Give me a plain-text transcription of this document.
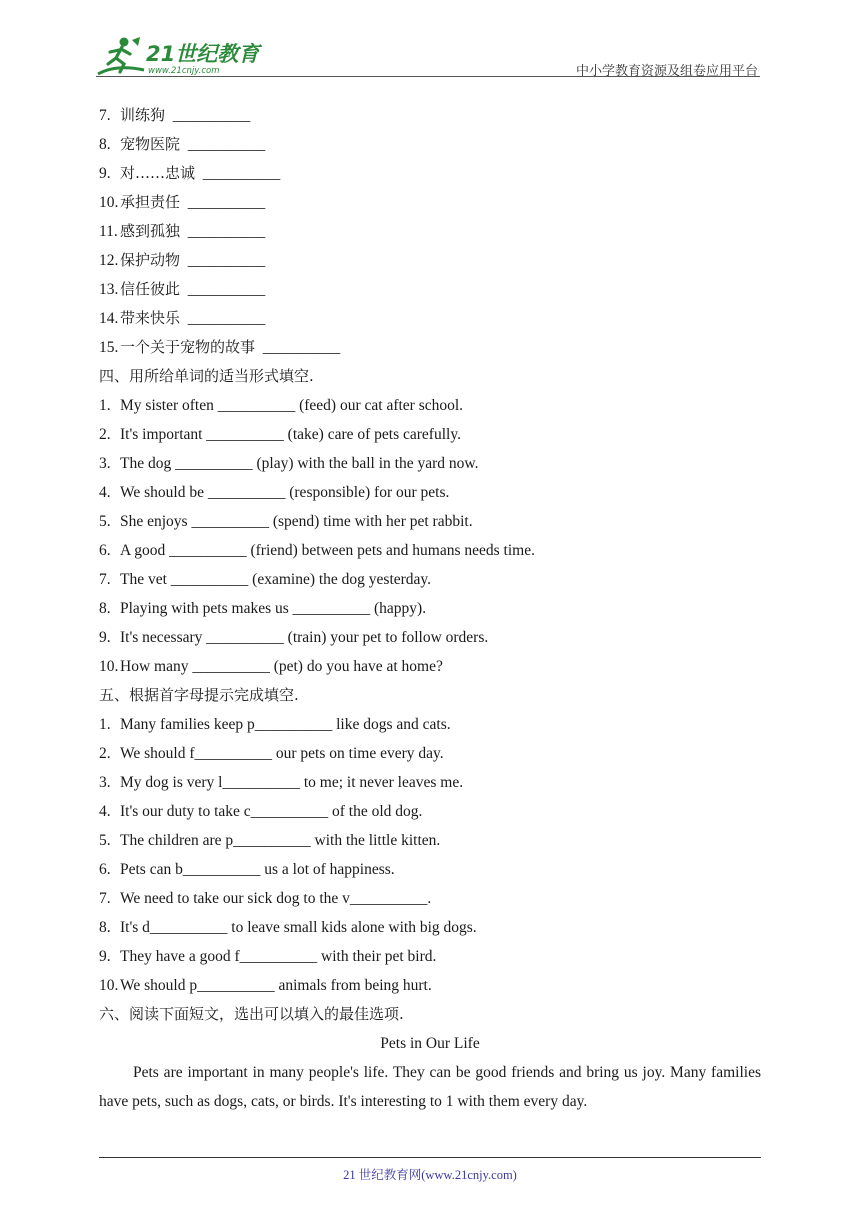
21世纪教育
www.21cnjy.com	中小学教育资源及组卷应用平台
7. 训练狗 __________
8. 宠物医院 __________
9. 对……忠诚 __________
10. 承担责任 __________
11. 感到孤独 __________
12. 保护动物 __________
13. 信任彼此 __________
14. 带来快乐 __________
15. 一个关于宠物的故事 __________
四、用所给单词的适当形式填空.
1. My sister often __________ (feed) our cat after school.
2. It's important __________ (take) care of pets carefully.
3. The dog __________ (play) with the ball in the yard now.
4. We should be __________ (responsible) for our pets.
5. She enjoys __________ (spend) time with her pet rabbit.
6. A good __________ (friend) between pets and humans needs time.
7. The vet __________ (examine) the dog yesterday.
8. Playing with pets makes us __________ (happy).
9. It's necessary __________ (train) your pet to follow orders.
10. How many __________ (pet) do you have at home?
五、根据首字母提示完成填空.
1. Many families keep p__________ like dogs and cats.
2. We should f__________ our pets on time every day.
3. My dog is very l__________ to me; it never leaves me.
4. It's our duty to take c__________ of the old dog.
5. The children are p__________ with the little kitten.
6. Pets can b__________ us a lot of happiness.
7. We need to take our sick dog to the v__________.
8. It's d__________ to leave small kids alone with big dogs.
9. They have a good f__________ with their pet bird.
10. We should p__________ animals from being hurt.
六、阅读下面短文，选出可以填入的最佳选项.
Pets in Our Life
Pets are important in many people's life. They can be good friends and bring us joy. Many families have pets, such as dogs, cats, or birds. It's interesting to 1 with them every day.
21 世纪教育网(www.21cnjy.com)
